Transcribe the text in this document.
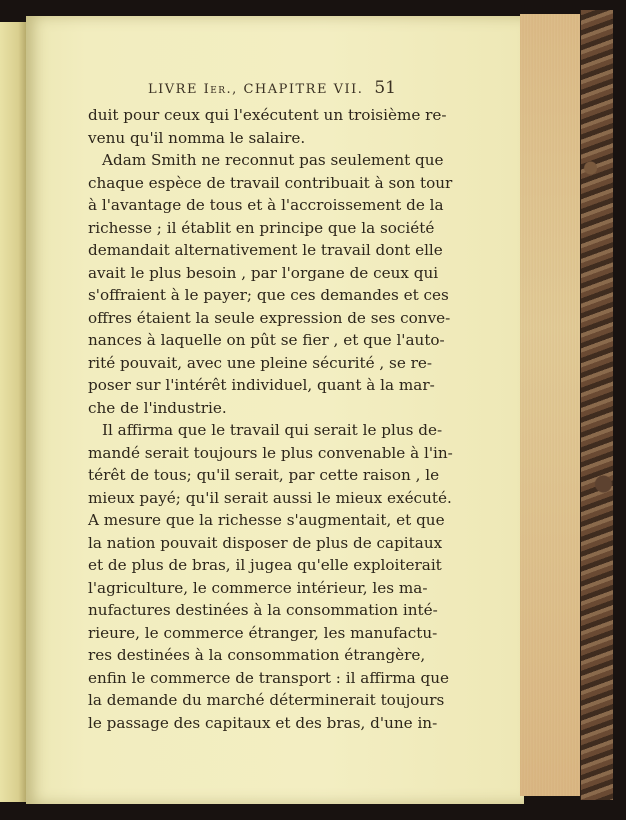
LIVRE Ier., CHAPITRE VII. 51
duit pour ceux qui l'exécutent un troisième re-
venu qu'il nomma le salaire.
Adam Smith ne reconnut pas seulement que
chaque espèce de travail contribuait à son tour
à l'avantage de tous et à l'accroissement de la
richesse ; il établit en principe que la société
demandait alternativement le travail dont elle
avait le plus besoin , par l'organe de ceux qui
s'offraient à le payer; que ces demandes et ces
offres étaient la seule expression de ses conve-
nances à laquelle on pût se fier , et que l'auto-
rité pouvait, avec une pleine sécurité , se re-
poser sur l'intérêt individuel, quant à la mar-
che de l'industrie.
Il affirma que le travail qui serait le plus de-
mandé serait toujours le plus convenable à l'in-
térêt de tous; qu'il serait, par cette raison , le
mieux payé; qu'il serait aussi le mieux exécuté.
A mesure que la richesse s'augmentait, et que
la nation pouvait disposer de plus de capitaux
et de plus de bras, il jugea qu'elle exploiterait
l'agriculture, le commerce intérieur, les ma-
nufactures destinées à la consommation inté-
rieure, le commerce étranger, les manufactu-
res destinées à la consommation étrangère,
enfin le commerce de transport : il affirma que
la demande du marché déterminerait toujours
le passage des capitaux et des bras, d'une in-
